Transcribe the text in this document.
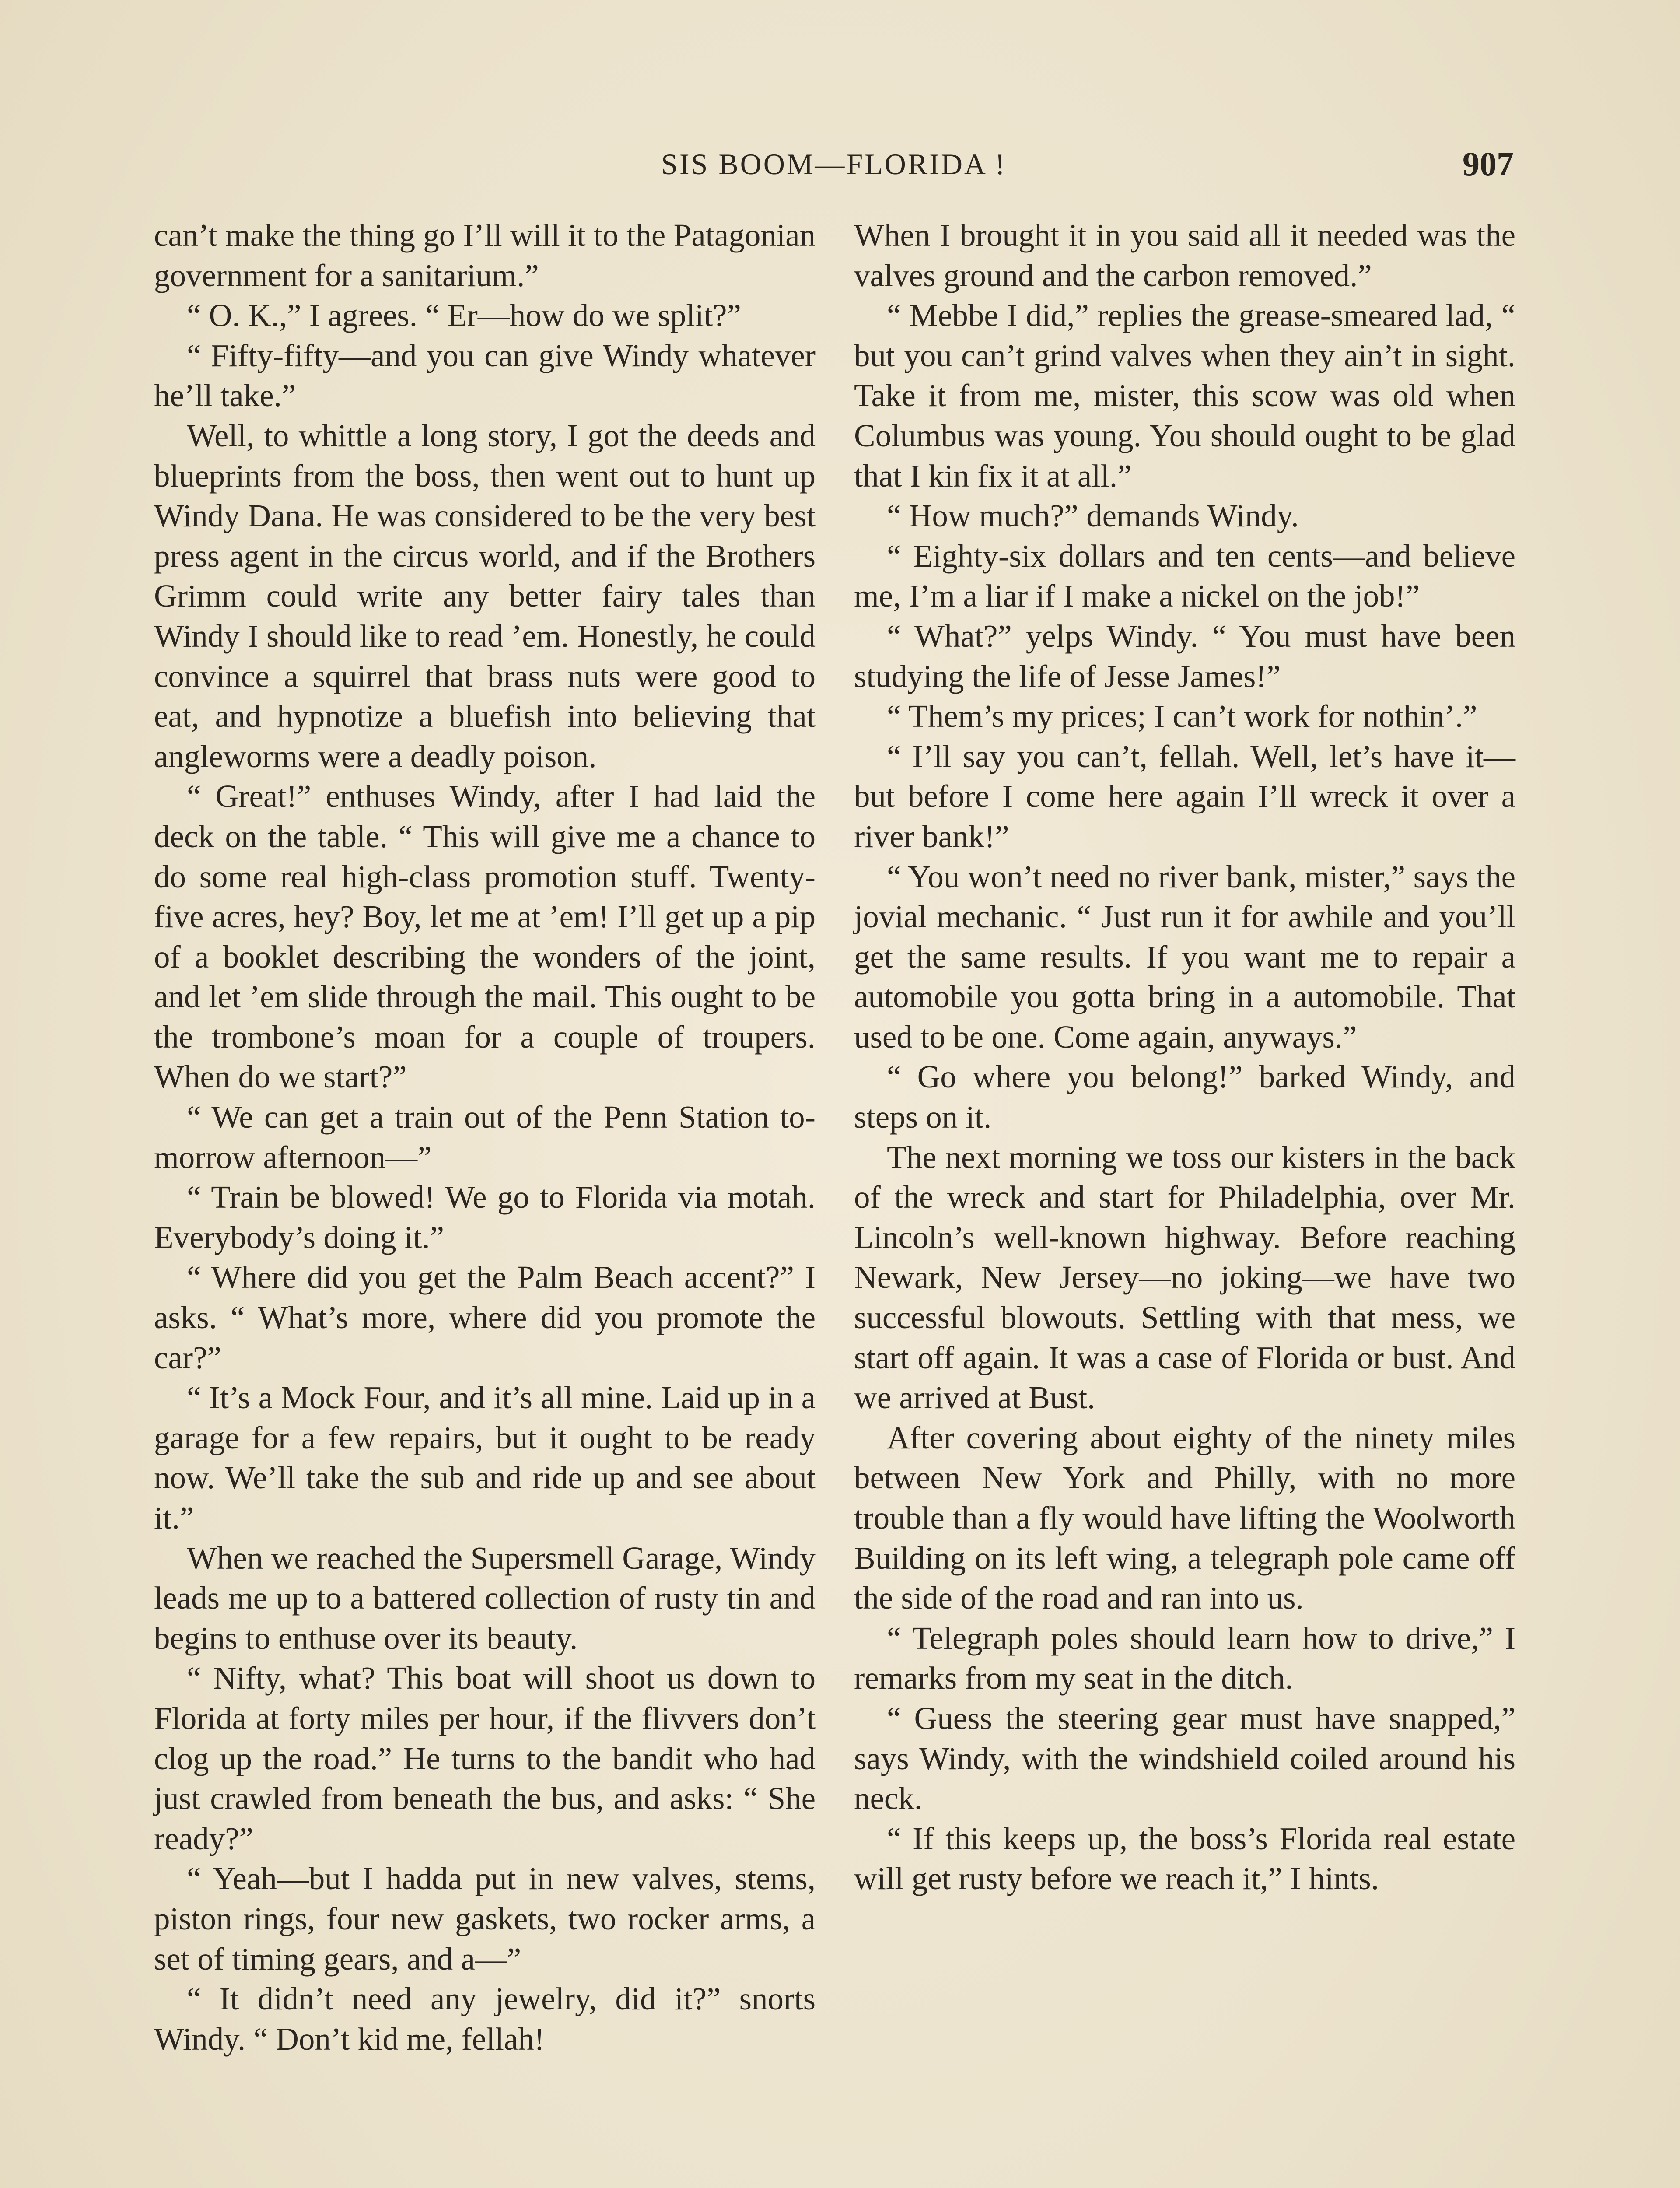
SIS BOOM—FLORIDA !	907

can’t make the thing go I’ll will it to the Patagonian government for a sanitarium.”

“ O. K.,” I agrees. “ Er—how do we split?”

“ Fifty-fifty—and you can give Windy whatever he’ll take.”

Well, to whittle a long story, I got the deeds and blueprints from the boss, then went out to hunt up Windy Dana. He was considered to be the very best press agent in the circus world, and if the Brothers Grimm could write any better fairy tales than Windy I should like to read ’em. Honestly, he could convince a squirrel that brass nuts were good to eat, and hypnotize a bluefish into believing that angleworms were a deadly poison.

“ Great!” enthuses Windy, after I had laid the deck on the table. “ This will give me a chance to do some real high-class promotion stuff. Twenty-five acres, hey? Boy, let me at ’em! I’ll get up a pip of a booklet describing the wonders of the joint, and let ’em slide through the mail. This ought to be the trombone’s moan for a couple of troupers. When do we start?”

“ We can get a train out of the Penn Station to-morrow afternoon—”

“ Train be blowed! We go to Florida via motah. Everybody’s doing it.”

“ Where did you get the Palm Beach accent?” I asks. “ What’s more, where did you promote the car?”

“ It’s a Mock Four, and it’s all mine. Laid up in a garage for a few repairs, but it ought to be ready now. We’ll take the sub and ride up and see about it.”

When we reached the Supersmell Garage, Windy leads me up to a battered collection of rusty tin and begins to enthuse over its beauty.

“ Nifty, what? This boat will shoot us down to Florida at forty miles per hour, if the flivvers don’t clog up the road.” He turns to the bandit who had just crawled from beneath the bus, and asks: “ She ready?”

“ Yeah—but I hadda put in new valves, stems, piston rings, four new gaskets, two rocker arms, a set of timing gears, and a—”

“ It didn’t need any jewelry, did it?” snorts Windy. “ Don’t kid me, fellah!

When I brought it in you said all it needed was the valves ground and the carbon removed.”

“ Mebbe I did,” replies the grease-smeared lad, “ but you can’t grind valves when they ain’t in sight. Take it from me, mister, this scow was old when Columbus was young. You should ought to be glad that I kin fix it at all.”

“ How much?” demands Windy.

“ Eighty-six dollars and ten cents—and believe me, I’m a liar if I make a nickel on the job!”

“ What?” yelps Windy. “ You must have been studying the life of Jesse James!”

“ Them’s my prices; I can’t work for nothin’.”

“ I’ll say you can’t, fellah. Well, let’s have it—but before I come here again I’ll wreck it over a river bank!”

“ You won’t need no river bank, mister,” says the jovial mechanic. “ Just run it for awhile and you’ll get the same results. If you want me to repair a automobile you gotta bring in a automobile. That used to be one. Come again, anyways.”

“ Go where you belong!” barked Windy, and steps on it.

The next morning we toss our kisters in the back of the wreck and start for Philadelphia, over Mr. Lincoln’s well-known highway. Before reaching Newark, New Jersey—no joking—we have two successful blowouts. Settling with that mess, we start off again. It was a case of Florida or bust. And we arrived at Bust.

After covering about eighty of the ninety miles between New York and Philly, with no more trouble than a fly would have lifting the Woolworth Building on its left wing, a telegraph pole came off the side of the road and ran into us.

“ Telegraph poles should learn how to drive,” I remarks from my seat in the ditch.

“ Guess the steering gear must have snapped,” says Windy, with the windshield coiled around his neck.

“ If this keeps up, the boss’s Florida real estate will get rusty before we reach it,” I hints.
